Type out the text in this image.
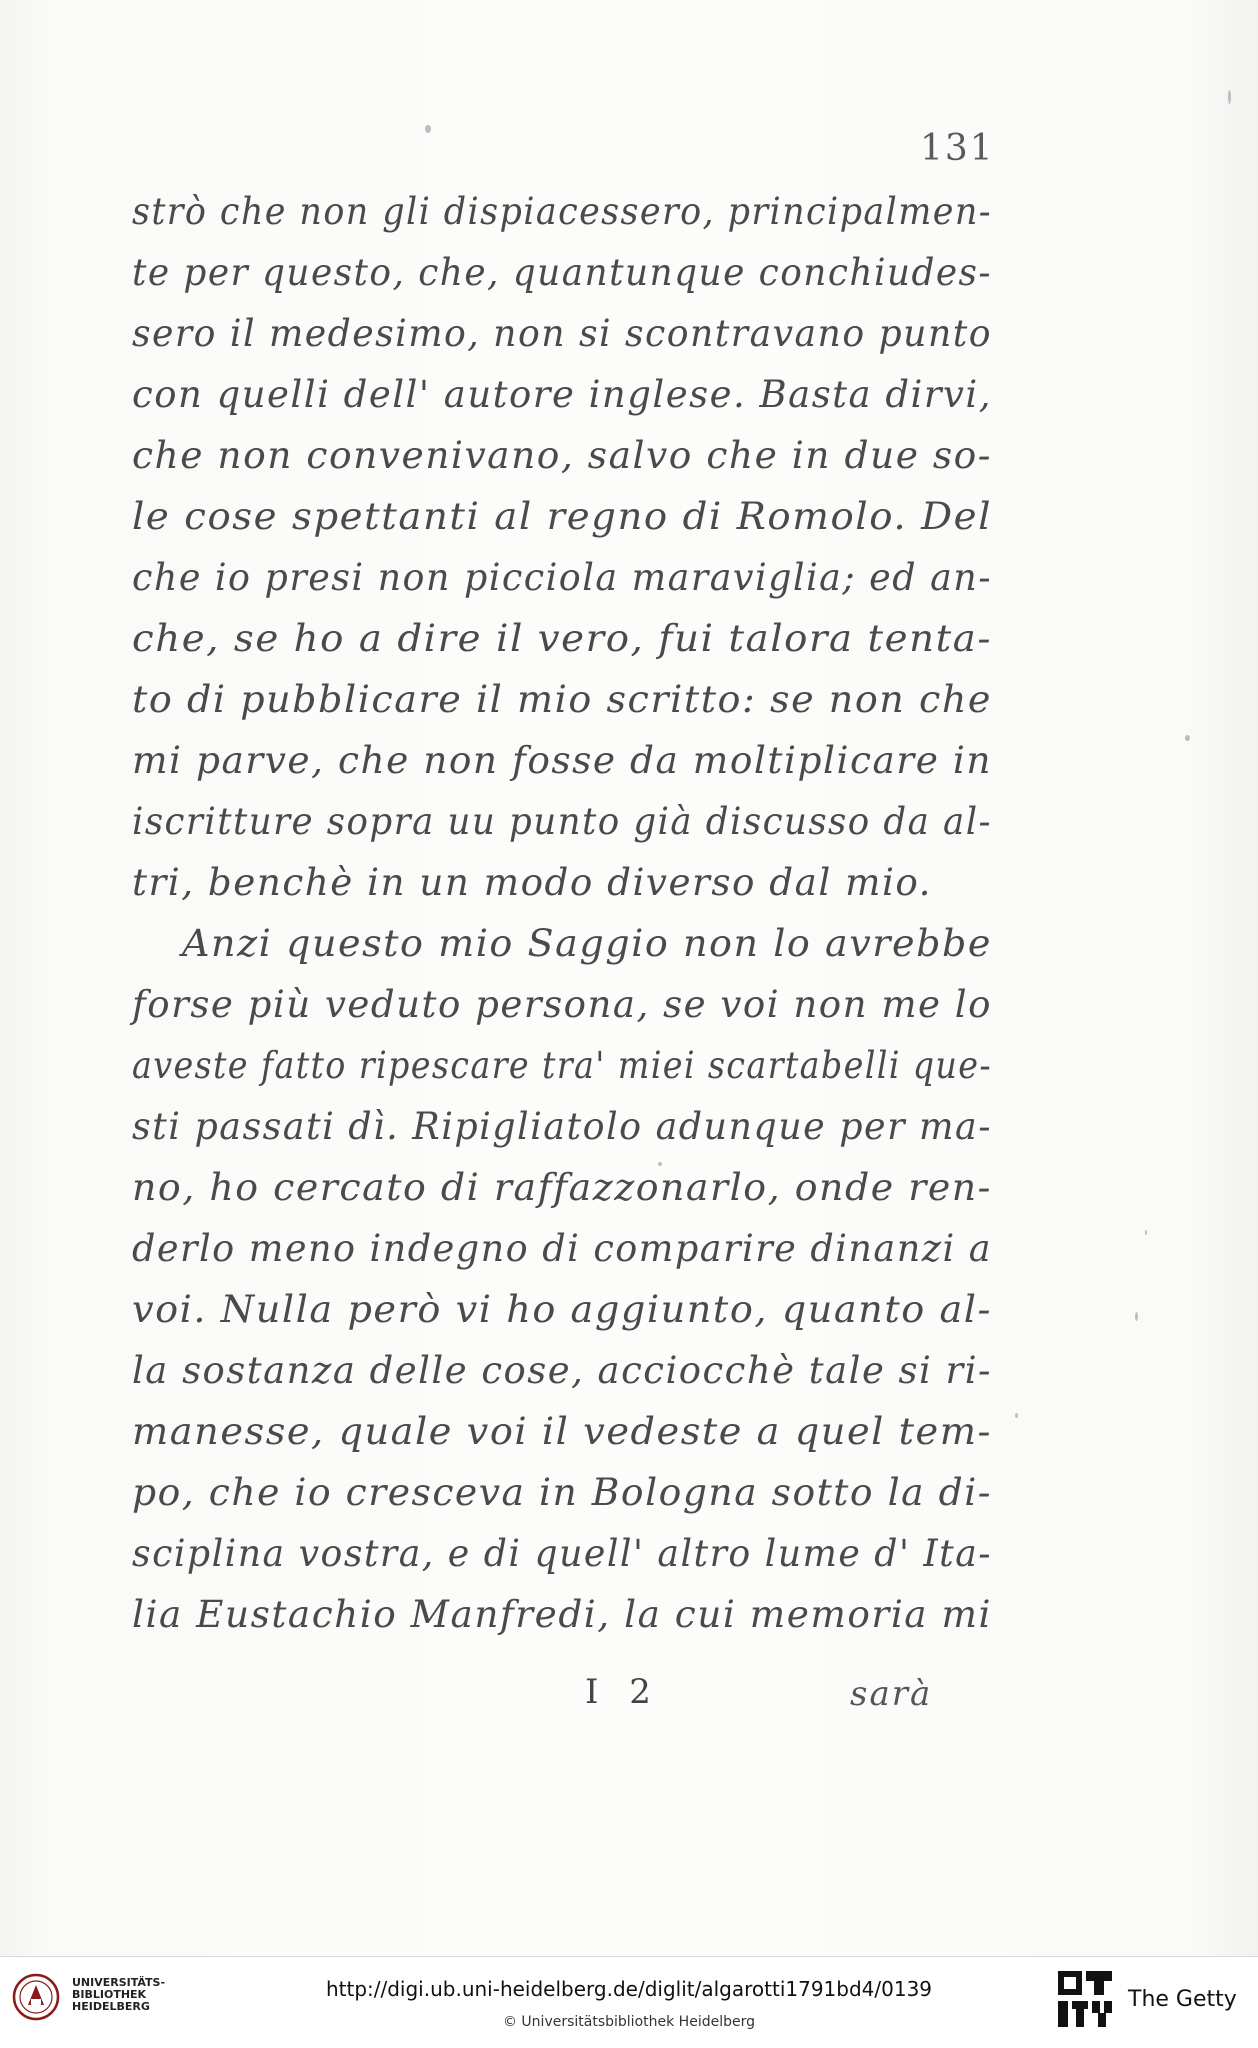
131
strò che non gli dispiacessero, principalmen-
te per questo, che, quantunque conchiudes-
sero il medesimo, non si scontravano punto
con quelli dell' autore inglese. Basta dirvi,
che non convenivano, salvo che in due so-
le cose spettanti al regno di Romolo. Del
che io presi non picciola maraviglia; ed an-
che, se ho a dire il vero, fui talora tenta-
to di pubblicare il mio scritto: se non che
mi parve, che non fosse da moltiplicare in
iscritture sopra uu punto già discusso da al-
tri, benchè in un modo diverso dal mio.
Anzi questo mio Saggio non lo avrebbe
forse più veduto persona, se voi non me lo
aveste fatto ripescare tra' miei scartabelli que-
sti passati dì. Ripigliatolo adunque per ma-
no, ho cercato di raffazzonarlo, onde ren-
derlo meno indegno di comparire dinanzi a
voi. Nulla però vi ho aggiunto, quanto al-
la sostanza delle cose, acciocchè tale si ri-
manesse, quale voi il vedeste a quel tem-
po, che io cresceva in Bologna sotto la di-
sciplina vostra, e di quell' altro lume d' Ita-
lia Eustachio Manfredi, la cui memoria mi
I 2	sarà
UNIVERSITÄTS-
BIBLIOTHEK
HEIDELBERG
http://digi.ub.uni-heidelberg.de/diglit/algarotti1791bd4/0139
© Universitätsbibliothek Heidelberg
The Getty
